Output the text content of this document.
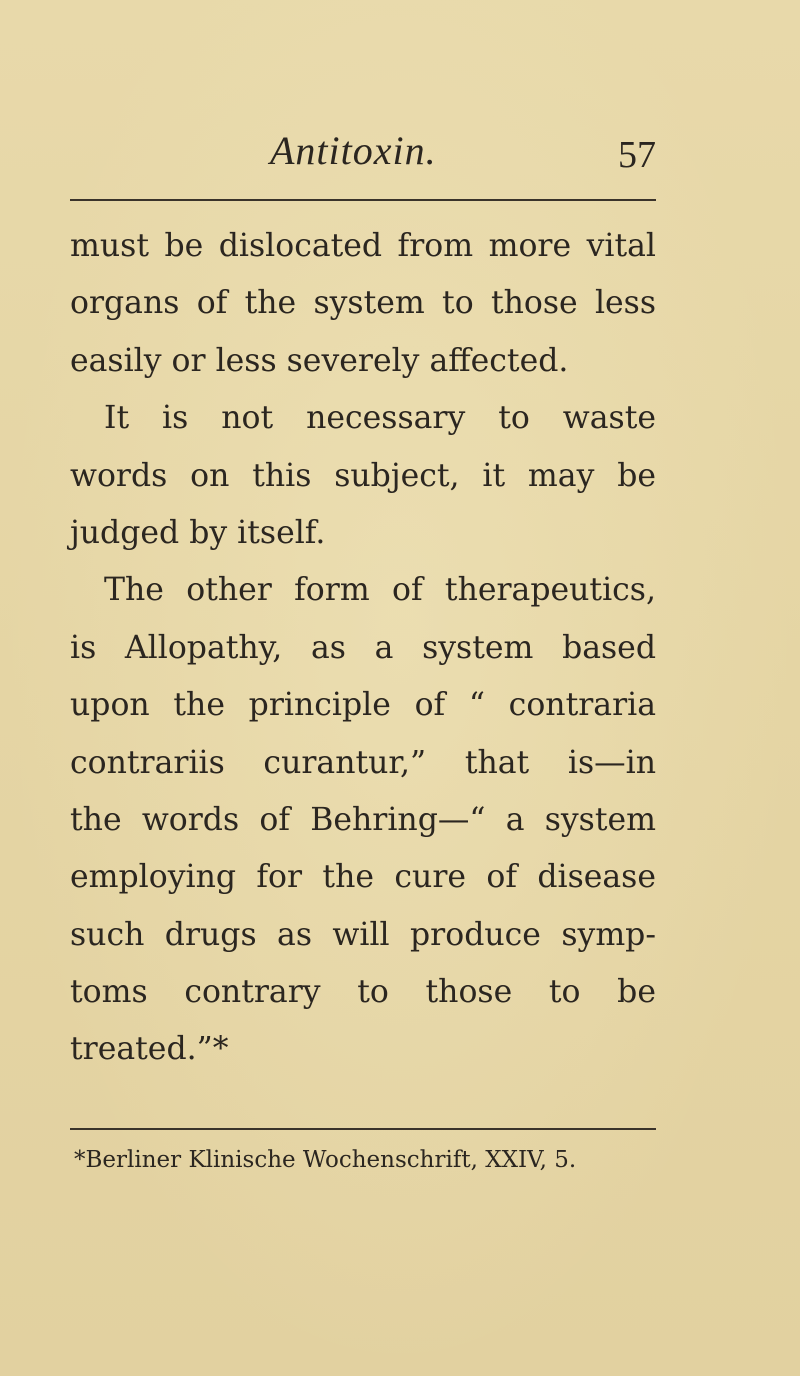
Antitoxin.	57
must be dislocated from more vital
organs of the system to those less
easily or less severely affected.
It is not necessary to waste
words on this subject, it may be
judged by itself.
The other form of therapeutics,
is Allopathy, as a system based
upon the principle of “ contraria
contrariis curantur,” that is—in
the words of Behring—“ a system
employing for the cure of disease
such drugs as will produce symp-
toms contrary to those to be
treated.”*
*Berliner Klinische Wochenschrift, XXIV, 5.
